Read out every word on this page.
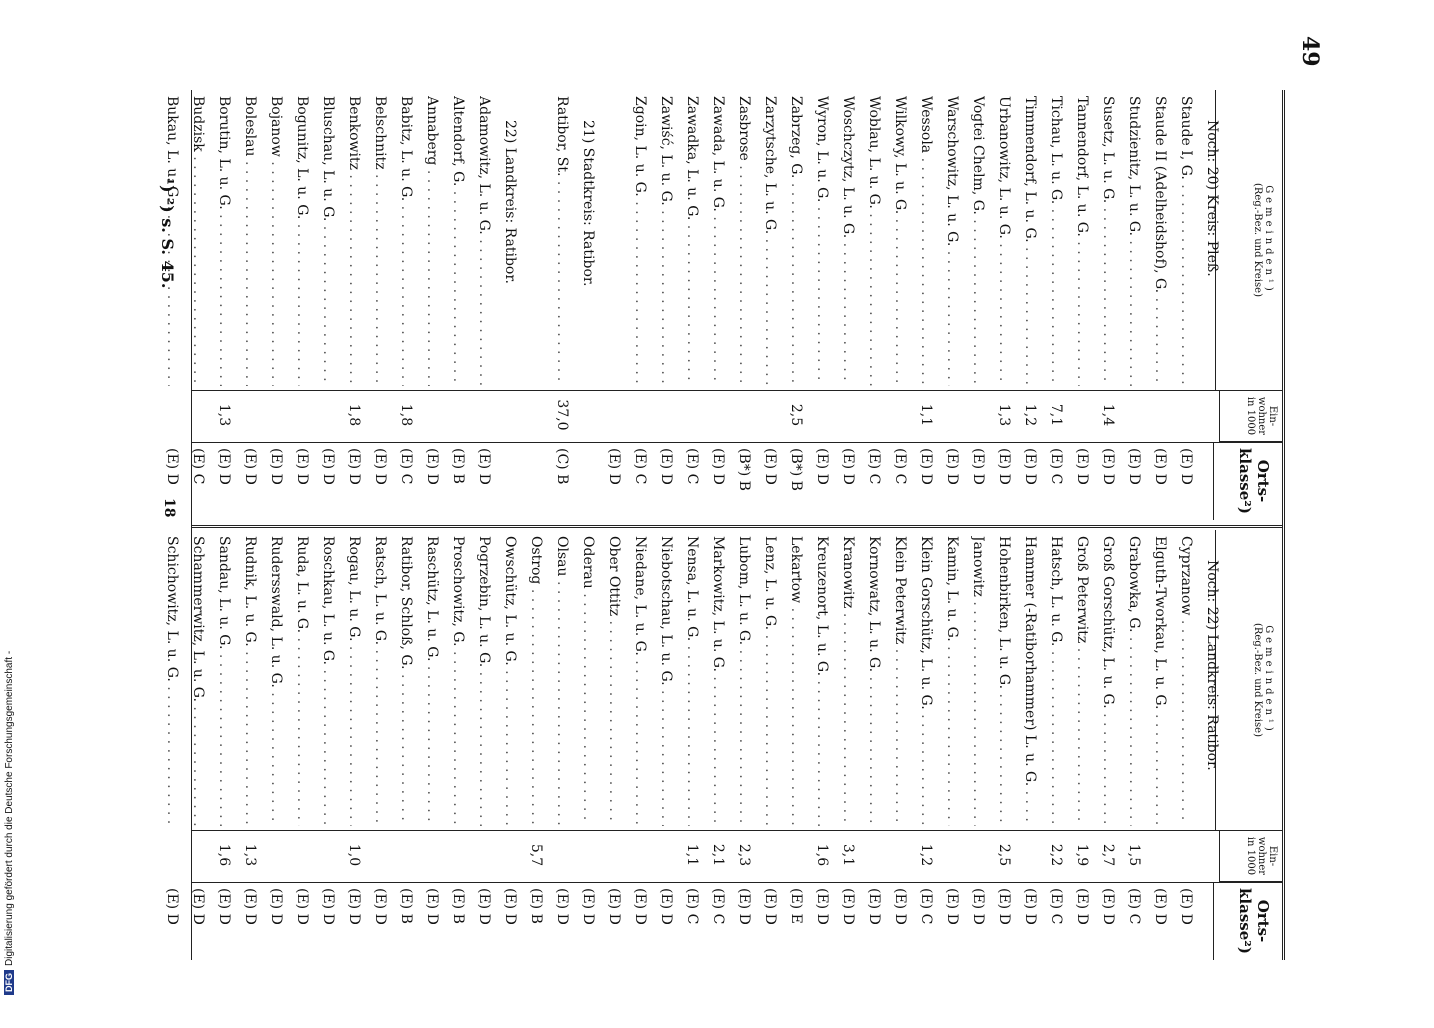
DFGDigitalisierung gefördert durch die Deutsche Forschungsgemeinschaft -
49
Gemeinden¹)
(Reg.-Bez. und Kreise)
Ein-wohner in 1000
Orts-klasse²)
Noch: 20) Kreis: Pleß.
Staude I, G. . . .
(E) D
Staude II (Adelheidshof), G. . . .
(E) D
Studzienitz, L. u. G. . . .
(E) D
Susetz, L. u. G. . . .
1,4
(E) D
Tannendorf, L. u. G. . . .
(E) D
Tichau, L. u. G. . . .
7,1
(E) C
Timmendorf, L. u. G. . . .
1,2
(E) D
Urbanowitz, L. u. G. . . .
1,3
(E) D
Vogtei Chelm, G. . . .
(E) D
Warschowitz, L. u. G. . . .
(E) D
Wessola . . .
1,1
(E) D
Wilkowy, L. u. G. . . .
(E) C
Woblau, L. u. G. . . .
(E) C
Woschczytz, L. u. G. . . .
(E) D
Wyron, L. u. G. . . .
(E) D
Zabrzeg, G. . . .
2,5
(B*) B
Zarzytsche, L. u. G. . . .
(E) D
Zasbrose . . .
(B*) B
Zawada, L. u. G. . . .
(E) D
Zawadka, L. u. G. . . .
(E) C
Zawiść, L. u. G. . . .
(E) D
Zgoin, L. u. G. . . .
(E) C
(E) D
21) Stadtkreis: Ratibor.
Ratibor, St. . . .
37,0
(C) B
22) Landkreis: Ratibor.
Adamowitz, L. u. G. . . .
(E) D
Altendorf, G. . . .
(E) B
Annaberg . . .
(E) D
Babitz, L. u. G. . . .
1,8
(E) C
Belschnitz . . .
(E) D
Benkowitz . . .
1,8
(E) D
Bluschau, L. u. G. . . .
(E) D
Bogunitz, L. u. G. . . .
(E) D
Bojanow . . .
(E) D
Boleslau . . .
(E) D
Borutin, L. u. G. . . .
1,3
(E) D
Budzisk . . .
(E) C
Bukau, L. u. G. . . .
(E) D
Gemeinden¹)
(Reg.-Bez. und Kreise)
Ein-wohner in 1000
Orts-klasse²)
Noch: 22) Landkreis: Ratibor.
Cyprzanow . . .
(E) D
Elguth-Tworkau, L. u. G. . . .
(E) D
Grabowka, G. . . .
1,5
(E) C
Groß Gorschütz, L. u. G. . . .
2,7
(E) D
Groß Peterwitz . . .
1,9
(E) D
Hatsch, L. u. G. . . .
2,2
(E) C
Hammer (-Ratiborhammer) L. u. G. . . .
(E) D
Hohenbirken, L. u. G. . . .
2,5
(E) D
Janowitz . . .
(E) D
Kamin, L. u. G. . . .
(E) D
Klein Gorschütz, L. u. G. . . .
1,2
(E) C
Klein Peterwitz . . .
(E) D
Kornowatz, L. u. G. . . .
(E) D
Kranowitz . . .
3,1
(E) D
Kreuzenort, L. u. G. . . .
1,6
(E) D
Lekartow . . .
(E) E
Lenz, L. u. G. . . .
(E) D
Lubom, L. u. G. . . .
2,3
(E) D
Markowitz, L. u. G. . . .
2,1
(E) C
Nensa, L. u. G. . . .
1,1
(E) C
Niebotschau, L. u. G. . . .
(E) D
Niedane, L. u. G. . . .
(E) D
Ober Ottitz . . .
(E) D
Oderau . . .
(E) D
Olsau . . .
(E) D
Ostrog . . .
5,7
(E) B
Owschütz, L. u. G. . . .
(E) D
Pogrzebin, L. u. G. . . .
(E) D
Proschowitz, G. . . .
(E) B
Raschütz, L. u. G. . . .
(E) D
Ratibor, Schloß, G. . . .
(E) B
Ratsch, L. u. G. . . .
(E) D
Rogau, L. u. G. . . .
1,0
(E) D
Roschkau, L. u. G. . . .
(E) D
Ruda, L. u. G. . . .
(E) D
Rudersswald, L. u. G. . . .
(E) D
Rudnik, L. u. G. . . .
1,3
(E) D
Sandau, L. u. G. . . .
1,6
(E) D
Schammerwitz, L. u. G. . . .
(E) D
Schichowitz, L. u. G. . . .
(E) D
¹) ²) s. S. 45.
18
